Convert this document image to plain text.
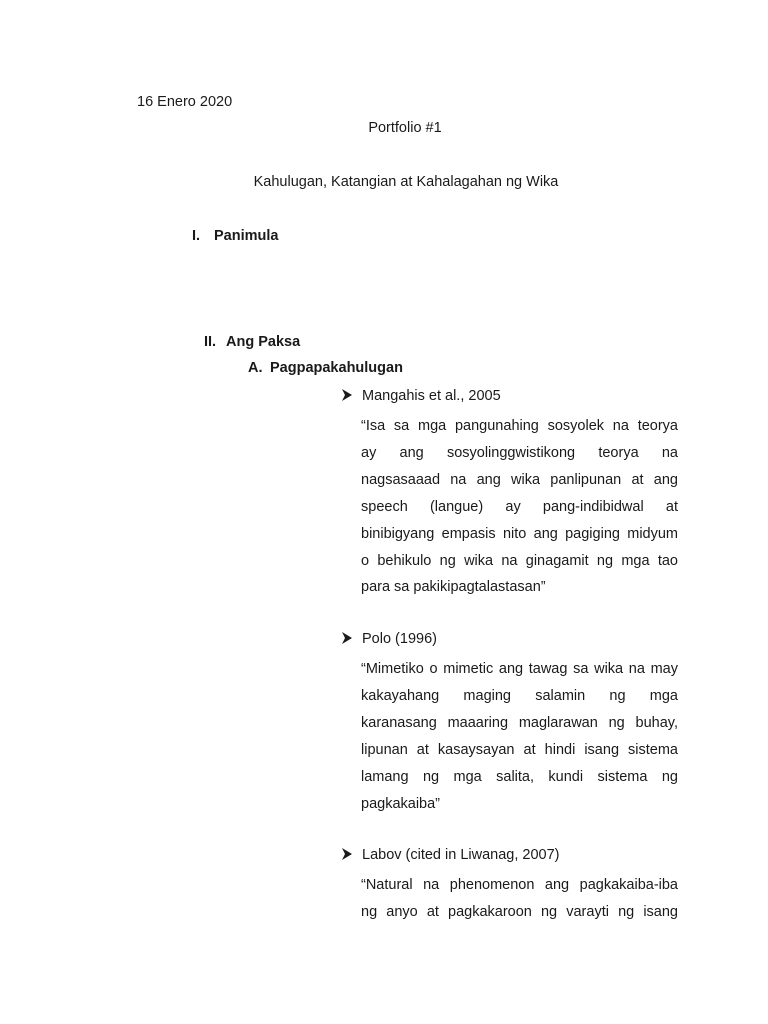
16 Enero 2020
Portfolio #1
Kahulugan, Katangian at Kahalagahan ng Wika
I. Panimula
II. Ang Paksa
A. Pagpapakahulugan
Mangahis et al., 2005
“Isa sa mga pangunahing sosyolek na teorya
ay ang sosyolinggwistikong teorya na
nagsasaaad na ang wika panlipunan at ang
speech (langue) ay pang-indibidwal at
binibigyang empasis nito ang pagiging midyum
o behikulo ng wika na ginagamit ng mga tao
para sa pakikipagtalastasan”
Polo (1996)
“Mimetiko o mimetic ang tawag sa wika na may
kakayahang maging salamin ng mga
karanasang maaaring maglarawan ng buhay,
lipunan at kasaysayan at hindi isang sistema
lamang ng mga salita, kundi sistema ng
pagkakaiba”
Labov (cited in Liwanag, 2007)
“Natural na phenomenon ang pagkakaiba-iba
ng anyo at pagkakaroon ng varayti ng isang
